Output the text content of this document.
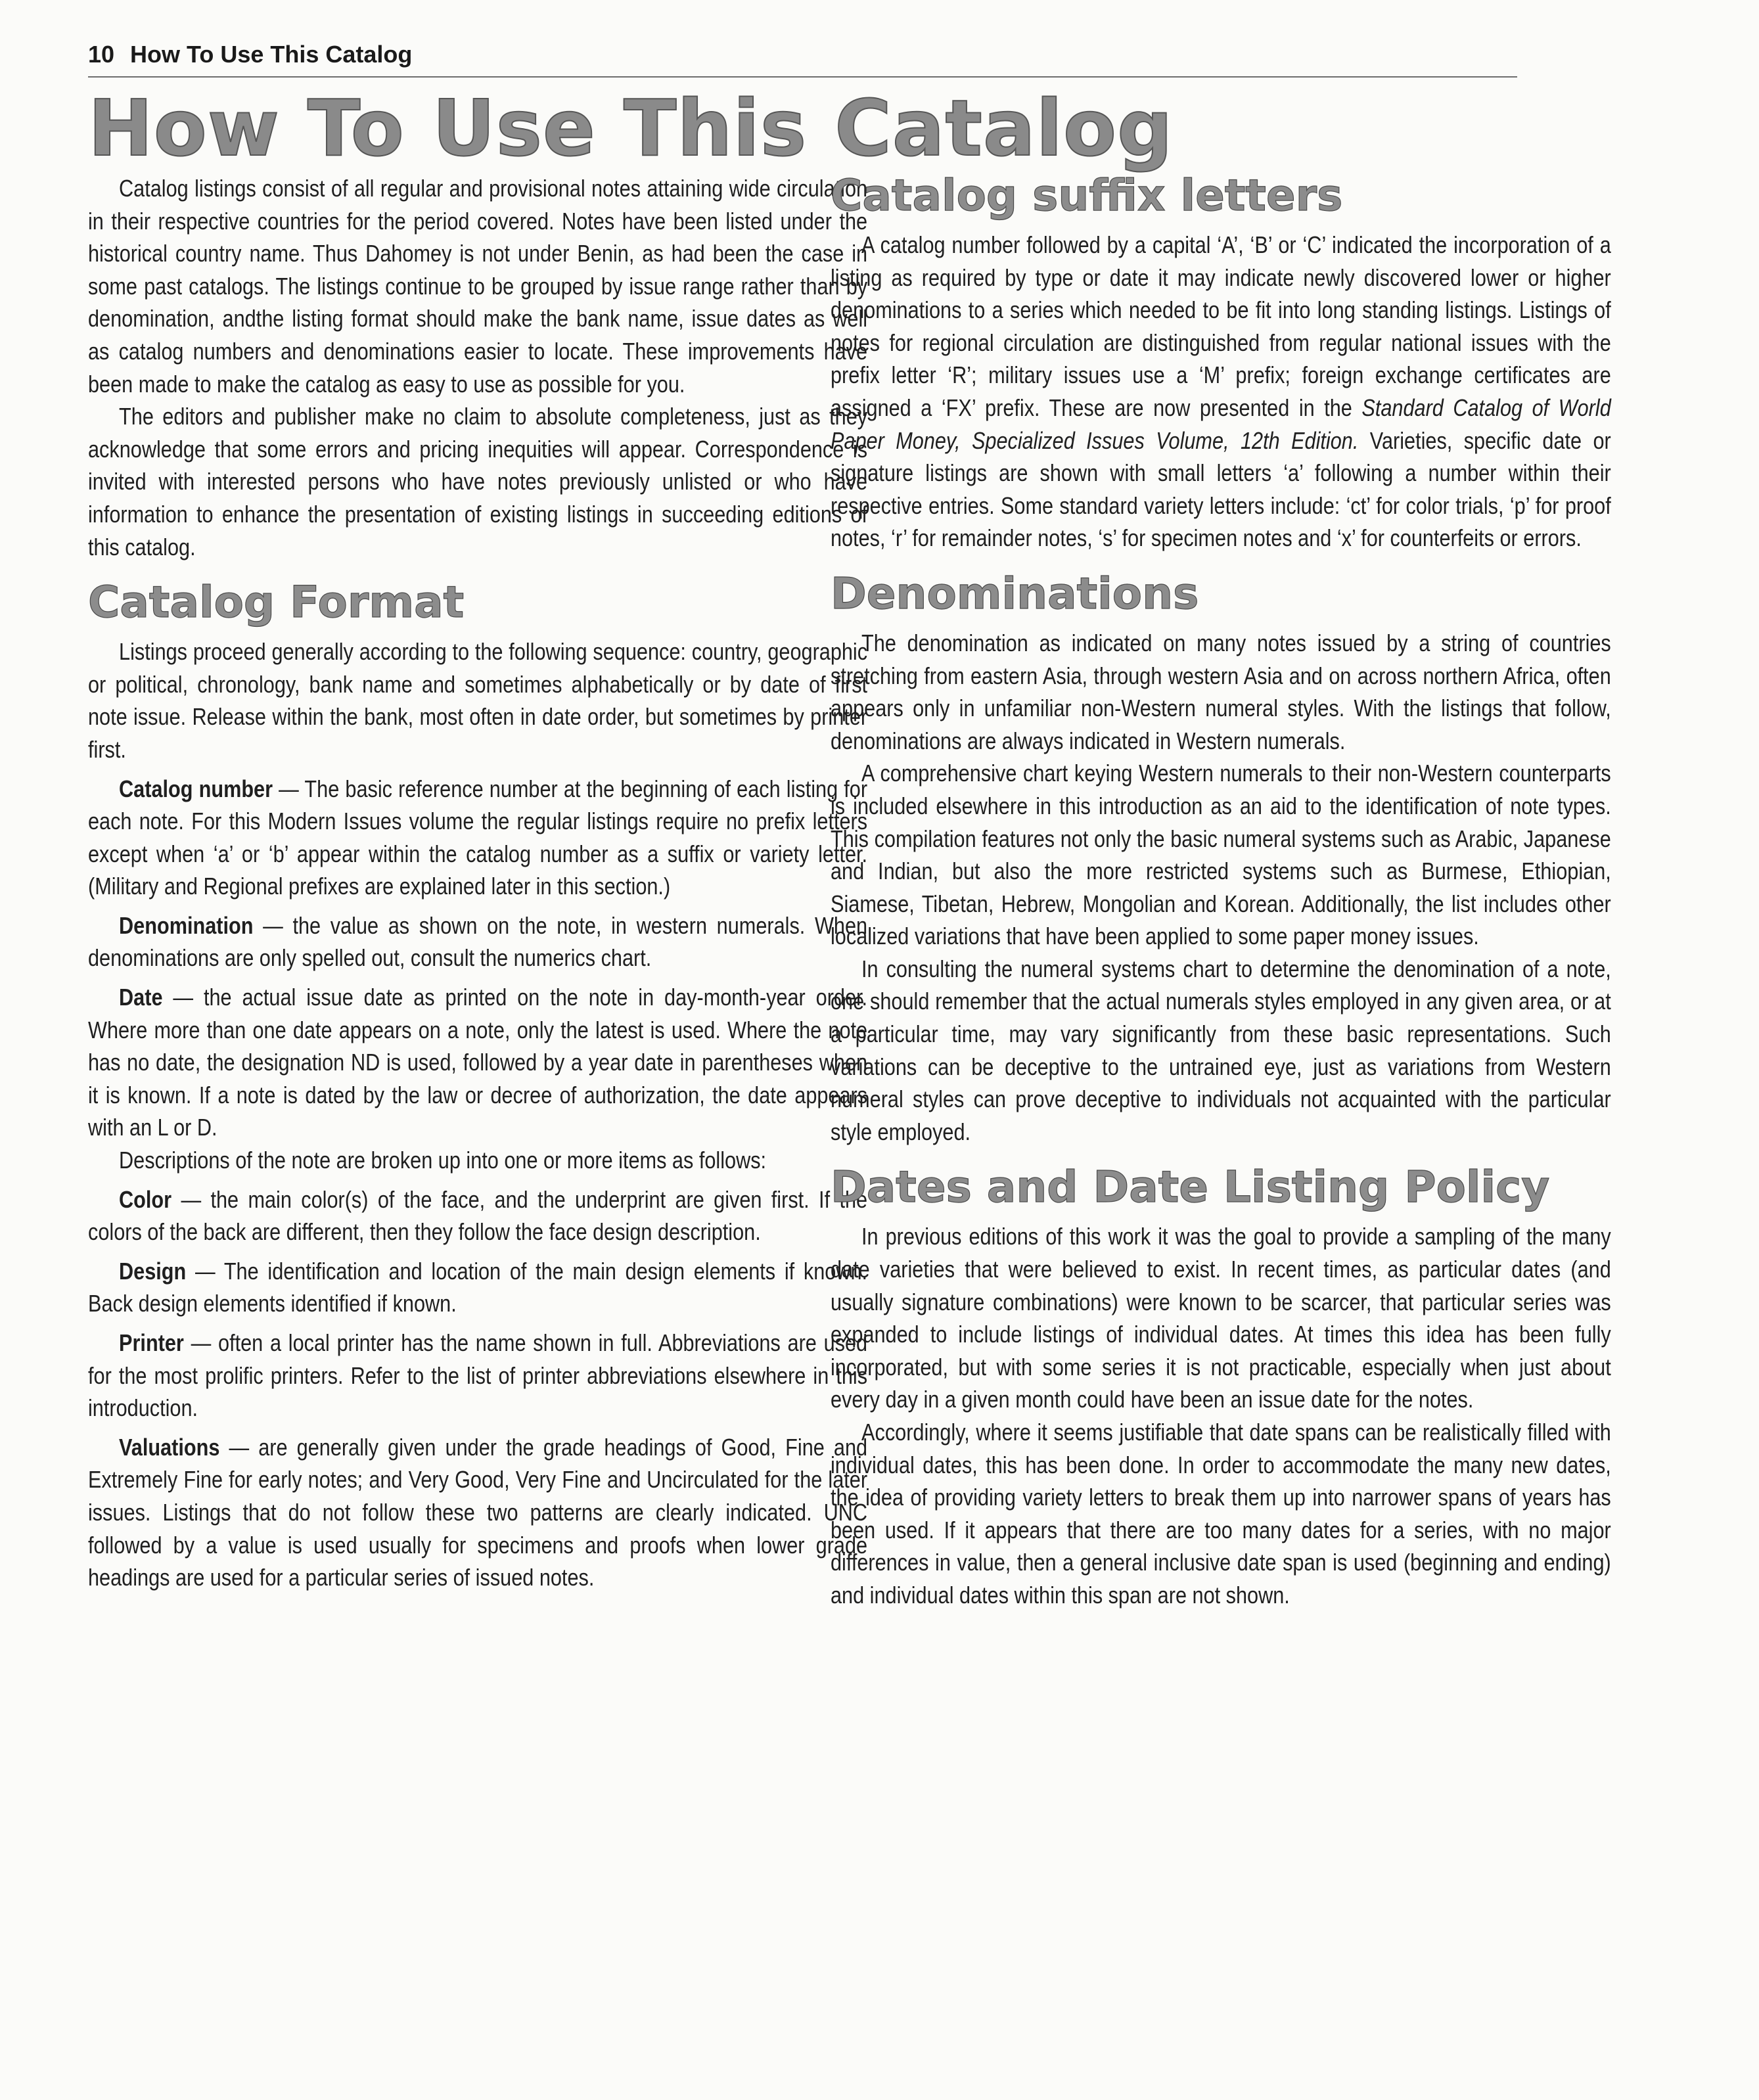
10 How To Use This Catalog
How To Use This Catalog

Catalog listings consist of all regular and provisional notes attaining wide circulation in their respective countries for the period covered. Notes have been listed under the historical country name. Thus Dahomey is not under Benin, as had been the case in some past catalogs. The listings continue to be grouped by issue range rather than by denomination, andthe listing format should make the bank name, issue dates as well as catalog numbers and denominations easier to locate. These improvements have been made to make the catalog as easy to use as possible for you.

The editors and publisher make no claim to absolute completeness, just as they acknowledge that some errors and pricing inequities will appear. Correspondence is invited with interested persons who have notes previously unlisted or who have information to enhance the presentation of existing listings in succeeding editions of this catalog.

Catalog Format

Listings proceed generally according to the following sequence: country, geographic or political, chronology, bank name and sometimes alphabetically or by date of first note issue. Release within the bank, most often in date order, but sometimes by printer first.

Catalog number — The basic reference number at the beginning of each listing for each note. For this Modern Issues volume the regular listings require no prefix letters except when ‘a’ or ‘b’ appear within the catalog number as a suffix or variety letter. (Military and Regional prefixes are explained later in this section.)

Denomination — the value as shown on the note, in western numerals. When denominations are only spelled out, consult the numerics chart.

Date — the actual issue date as printed on the note in day-month-year order. Where more than one date appears on a note, only the latest is used. Where the note has no date, the designation ND is used, followed by a year date in parentheses when it is known. If a note is dated by the law or decree of authorization, the date appears with an L or D.

Descriptions of the note are broken up into one or more items as follows:

Color — the main color(s) of the face, and the underprint are given first. If the colors of the back are different, then they follow the face design description.

Design — The identification and location of the main design elements if known. Back design elements identified if known.

Printer — often a local printer has the name shown in full. Abbreviations are used for the most prolific printers. Refer to the list of printer abbreviations elsewhere in this introduction.

Valuations — are generally given under the grade headings of Good, Fine and Extremely Fine for early notes; and Very Good, Very Fine and Uncirculated for the later issues. Listings that do not follow these two patterns are clearly indicated. UNC followed by a value is used usually for specimens and proofs when lower grade headings are used for a particular series of issued notes.

Catalog suffix letters

A catalog number followed by a capital ‘A’, ‘B’ or ‘C’ indicated the incorporation of a listing as required by type or date it may indicate newly discovered lower or higher denominations to a series which needed to be fit into long standing listings. Listings of notes for regional circulation are distinguished from regular national issues with the prefix letter ‘R’; military issues use a ‘M’ prefix; foreign exchange certificates are assigned a ‘FX’ prefix. These are now presented in the Standard Catalog of World Paper Money, Specialized Issues Volume, 12th Edition. Varieties, specific date or signature listings are shown with small letters ‘a’ following a number within their respective entries. Some standard variety letters include: ‘ct’ for color trials, ‘p’ for proof notes, ‘r’ for remainder notes, ‘s’ for specimen notes and ‘x’ for counterfeits or errors.

Denominations

The denomination as indicated on many notes issued by a string of countries stretching from eastern Asia, through western Asia and on across northern Africa, often appears only in unfamiliar non-Western numeral styles. With the listings that follow, denominations are always indicated in Western numerals.

A comprehensive chart keying Western numerals to their non-Western counterparts is included elsewhere in this introduction as an aid to the identification of note types. This compilation features not only the basic numeral systems such as Arabic, Japanese and Indian, but also the more restricted systems such as Burmese, Ethiopian, Siamese, Tibetan, Hebrew, Mongolian and Korean. Additionally, the list includes other localized variations that have been applied to some paper money issues.

In consulting the numeral systems chart to determine the denomination of a note, one should remember that the actual numerals styles employed in any given area, or at a particular time, may vary significantly from these basic representations. Such variations can be deceptive to the untrained eye, just as variations from Western numeral styles can prove deceptive to individuals not acquainted with the particular style employed.

Dates and Date Listing Policy

In previous editions of this work it was the goal to provide a sampling of the many date varieties that were believed to exist. In recent times, as particular dates (and usually signature combinations) were known to be scarcer, that particular series was expanded to include listings of individual dates. At times this idea has been fully incorporated, but with some series it is not practicable, especially when just about every day in a given month could have been an issue date for the notes.

Accordingly, where it seems justifiable that date spans can be realistically filled with individual dates, this has been done. In order to accommodate the many new dates, the idea of providing variety letters to break them up into narrower spans of years has been used. If it appears that there are too many dates for a series, with no major differences in value, then a general inclusive date span is used (beginning and ending) and individual dates within this span are not shown.
